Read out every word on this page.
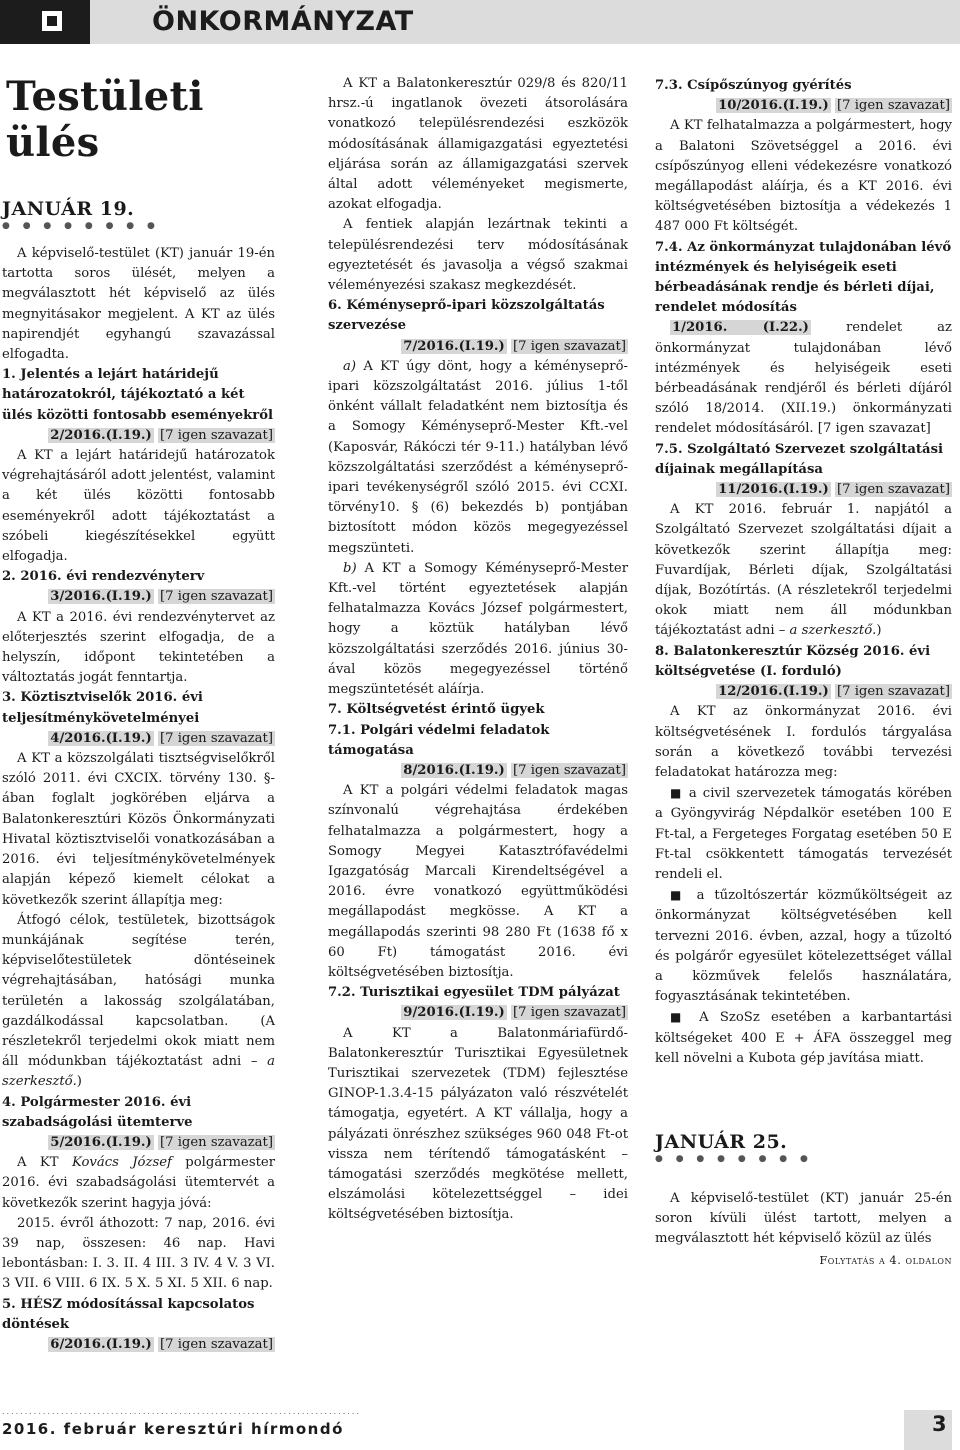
ÖNKORMÁNYZAT
Testületi ülés
JANUÁR 19.
● ● ● ● ● ● ● ●

A képviselő-testület (KT) január 19-én tartotta soros ülését, melyen a megválasztott hét képviselő az ülés megnyitásakor megjelent. A KT az ülés napirendjét egyhangú szavazással elfogadta.

1. Jelentés a lejárt határidejű határozatokról, tájékoztató a két ülés közötti fontosabb eseményekről

2/2016.(I.19.) [7 igen szavazat]

A KT a lejárt határidejű határozatok végrehajtásáról adott jelentést, valamint a két ülés közötti fontosabb eseményekről adott tájékoztatást a szóbeli kiegészítésekkel együtt elfogadja.

2. 2016. évi rendezvényterv

3/2016.(I.19.) [7 igen szavazat]

A KT a 2016. évi rendezvénytervet az előterjesztés szerint elfogadja, de a helyszín, időpont tekintetében a változtatás jogát fenntartja.

3. Köztisztviselők 2016. évi teljesítménykövetelményei

4/2016.(I.19.) [7 igen szavazat]

A KT a közszolgálati tisztségviselőkről szóló 2011. évi CXCIX. törvény 130. §-ában foglalt jogkörében eljárva a Balatonkeresztúri Közös Önkormányzati Hivatal köztisztviselői vonatkozásában a 2016. évi teljesítménykövetelmények alapján képező kiemelt célokat a következők szerint állapítja meg:

Átfogó célok, testületek, bizottságok munkájának segítése terén, képviselőtestületek döntéseinek végrehajtásában, hatósági munka területén a lakosság szolgálatában, gazdálkodással kapcsolatban. (A részletekről terjedelmi okok miatt nem áll módunkban tájékoztatást adni – a szerkesztő.)

4. Polgármester 2016. évi szabadságolási ütemterve

5/2016.(I.19.) [7 igen szavazat]

A KT Kovács József polgármester 2016. évi szabadságolási ütemtervét a következők szerint hagyja jóvá:

2015. évről áthozott: 7 nap, 2016. évi 39 nap, összesen: 46 nap. Havi lebontásban: I. 3. II. 4 III. 3 IV. 4 V. 3 VI. 3 VII. 6 VIII. 6 IX. 5 X. 5 XI. 5 XII. 6 nap.

5. HÉSZ módosítással kapcsolatos döntések

6/2016.(I.19.) [7 igen szavazat]

A KT a Balatonkeresztúr 029/8 és 820/11 hrsz.-ú ingatlanok övezeti átsorolására vonatkozó településrendezési eszközök módosításának államigazgatási egyeztetési eljárása során az államigazgatási szervek által adott véleményeket megismerte, azokat elfogadja.

A fentiek alapján lezártnak tekinti a településrendezési terv módosításának egyeztetését és javasolja a végső szakmai véleményezési szakasz megkezdését.

6. Kéményseprő-ipari közszolgáltatás szervezése

7/2016.(I.19.) [7 igen szavazat]

a) A KT úgy dönt, hogy a kéményseprő-ipari közszolgáltatást 2016. július 1-től önként vállalt feladatként nem biztosítja és a Somogy Kéményseprő-Mester Kft.-vel (Kaposvár, Rákóczi tér 9-11.) hatályban lévő közszolgáltatási szerződést a kéményseprő-ipari tevékenységről szóló 2015. évi CCXI. törvény10. § (6) bekezdés b) pontjában biztosított módon közös megegyezéssel megszünteti.

b) A KT a Somogy Kéményseprő-Mester Kft.-vel történt egyeztetések alapján felhatalmazza Kovács József polgármestert, hogy a köztük hatályban lévő közszolgáltatási szerződés 2016. június 30-ával közös megegyezéssel történő megszüntetését aláírja.

7. Költségvetést érintő ügyek

7.1. Polgári védelmi feladatok támogatása

8/2016.(I.19.) [7 igen szavazat]

A KT a polgári védelmi feladatok magas színvonalú végrehajtása érdekében felhatalmazza a polgármestert, hogy a Somogy Megyei Katasztrófavédelmi Igazgatóság Marcali Kirendeltségével a 2016. évre vonatkozó együttműködési megállapodást megkösse. A KT a megállapodás szerinti 98 280 Ft (1638 fő x 60 Ft) támogatást 2016. évi költségvetésében biztosítja.

7.2. Turisztikai egyesület TDM pályázat

9/2016.(I.19.) [7 igen szavazat]

A KT a Balatonmáriafürdő-Balatonkeresztúr Turisztikai Egyesületnek Turisztikai szervezetek (TDM) fejlesztése GINOP-1.3.4-15 pályázaton való részvételét támogatja, egyetért. A KT vállalja, hogy a pályázati önrészhez szükséges 960 048 Ft-ot vissza nem térítendő támogatásként – támogatási szerződés megkötése mellett, elszámolási kötelezettséggel – idei költségvetésében biztosítja.

7.3. Csípőszúnyog gyérítés

10/2016.(I.19.) [7 igen szavazat]

A KT felhatalmazza a polgármestert, hogy a Balatoni Szövetséggel a 2016. évi csípőszúnyog elleni védekezésre vonatkozó megállapodást aláírja, és a KT 2016. évi költségvetésében biztosítja a védekezés 1 487 000 Ft költségét.

7.4. Az önkormányzat tulajdonában lévő intézmények és helyiségeik eseti bérbeadásának rendje és bérleti díjai, rendelet módosítás

1/2016. (I.22.) rendelet az önkormányzat tulajdonában lévő intézmények és helyiségeik eseti bérbeadásának rendjéről és bérleti díjáról szóló 18/2014. (XII.19.) önkormányzati rendelet módosításáról. [7 igen szavazat]

7.5. Szolgáltató Szervezet szolgáltatási díjainak megállapítása

11/2016.(I.19.) [7 igen szavazat]

A KT 2016. február 1. napjától a Szolgáltató Szervezet szolgáltatási díjait a következők szerint állapítja meg: Fuvardíjak, Bérleti díjak, Szolgáltatási díjak, Bozótírtás. (A részletekről terjedelmi okok miatt nem áll módunkban tájékoztatást adni – a szerkesztő.)

8. Balatonkeresztúr Község 2016. évi költségvetése (I. forduló)

12/2016.(I.19.) [7 igen szavazat]

A KT az önkormányzat 2016. évi költségvetésének I. fordulós tárgyalása során a következő további tervezési feladatokat határozza meg:

■ a civil szervezetek támogatás körében a Gyöngyvirág Népdalkör esetében 100 E Ft-tal, a Fergeteges Forgatag esetében 50 E Ft-tal csökkentett támogatás tervezését rendeli el.

■ a tűzoltószertár közműköltségeit az önkormányzat költségvetésében kell tervezni 2016. évben, azzal, hogy a tűzoltó és polgárőr egyesület kötelezettséget vállal a közművek felelős használatára, fogyasztásának tekintetében.

■ A SzoSz esetében a karbantartási költségeket 400 E + ÁFA összeggel meg kell növelni a Kubota gép javítása miatt.

JANUÁR 25.
● ● ● ● ● ● ● ●

A képviselő-testület (KT) január 25-én soron kívüli ülést tartott, melyen a megválasztott hét képviselő közül az ülés

Folytatás a 4. oldalon

...............................................................................
2016. február keresztúri hírmondó	3
